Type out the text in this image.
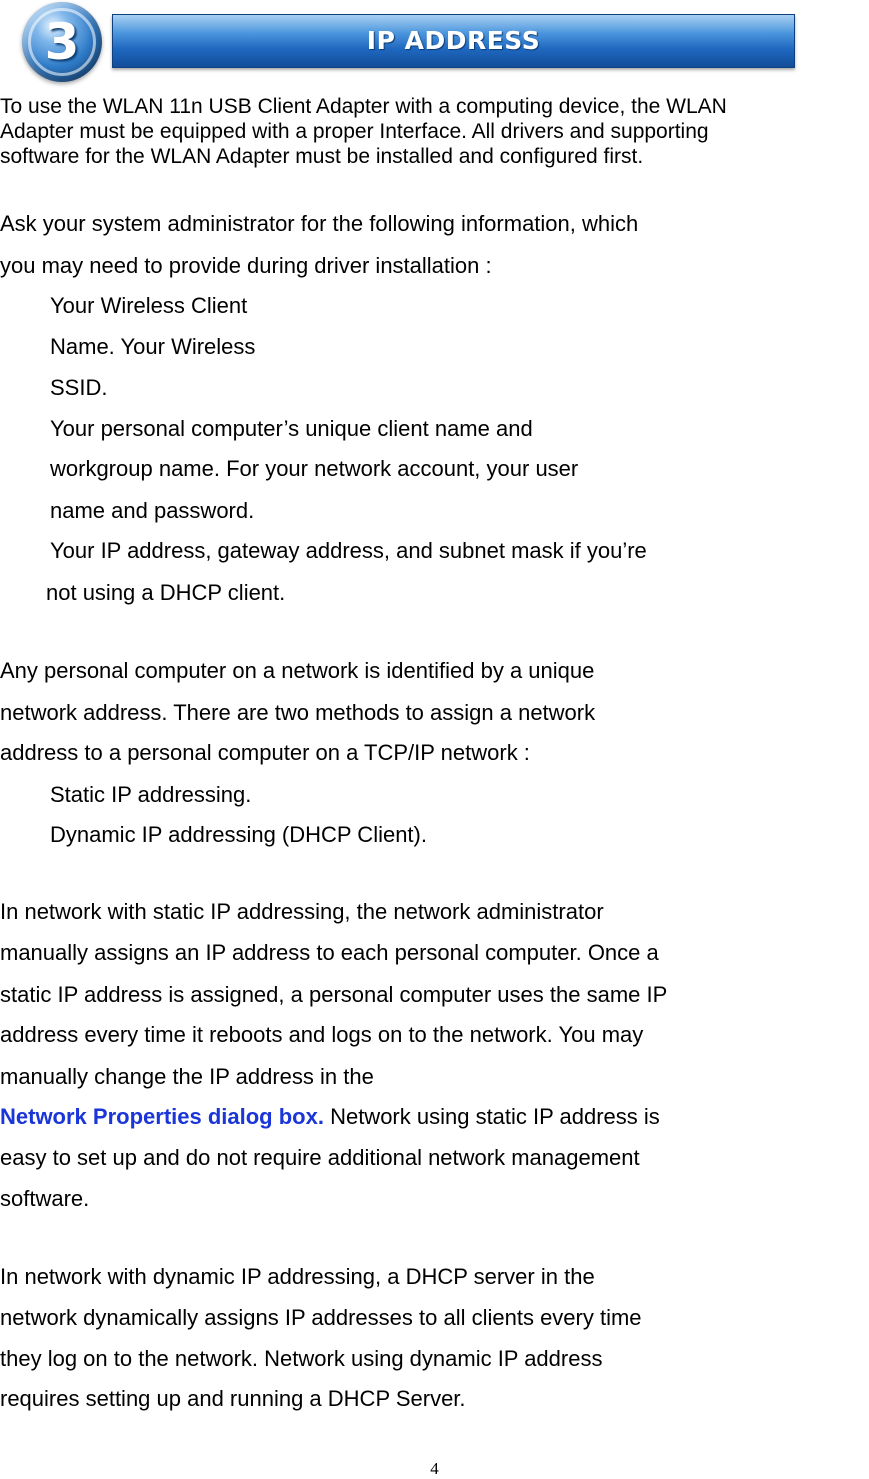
3	IP ADDRESS
To use the WLAN 11n USB Client Adapter with a computing device, the WLAN
Adapter must be equipped with a proper Interface. All drivers and supporting
software for the WLAN Adapter must be installed and configured first.
Ask your system administrator for the following information, which
you may need to provide during driver installation :
Your Wireless Client
Name. Your Wireless
SSID.
Your personal computer’s unique client name and
workgroup name. For your network account, your user
name and password.
Your IP address, gateway address, and subnet mask if you’re
not using a DHCP client.
Any personal computer on a network is identified by a unique
network address. There are two methods to assign a network
address to a personal computer on a TCP/IP network :
Static IP addressing.
Dynamic IP addressing (DHCP Client).
In network with static IP addressing, the network administrator
manually assigns an IP address to each personal computer. Once a
static IP address is assigned, a personal computer uses the same IP
address every time it reboots and logs on to the network. You may
manually change the IP address in the
Network Properties dialog box. Network using static IP address is
easy to set up and do not require additional network management
software.
In network with dynamic IP addressing, a DHCP server in the
network dynamically assigns IP addresses to all clients every time
they log on to the network. Network using dynamic IP address
requires setting up and running a DHCP Server.
4
